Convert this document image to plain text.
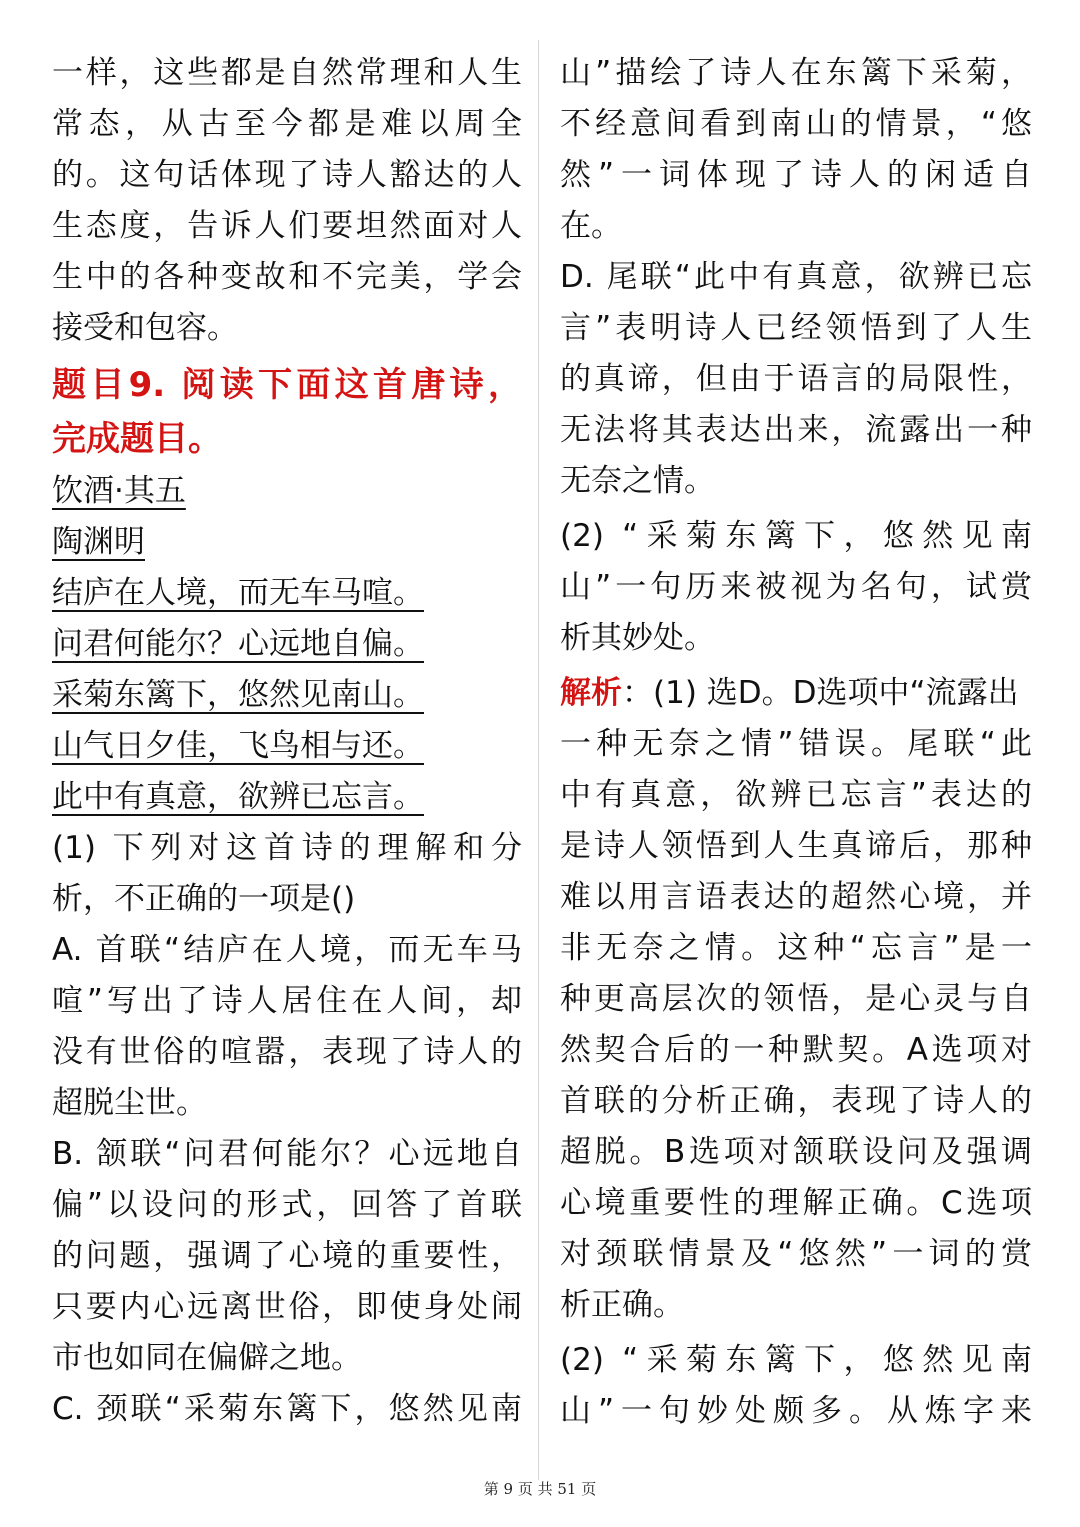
一样，这些都是自然常理和人生
常态，从古至今都是难以周全
的。这句话体现了诗人豁达的人
生态度，告诉人们要坦然面对人
生中的各种变故和不完美，学会
接受和包容。
题目9. 阅读下面这首唐诗，
完成题目。
饮酒·其五
陶渊明
结庐在人境，而无车马喧。
问君何能尔？心远地自偏。
采菊东篱下，悠然见南山。
山气日夕佳，飞鸟相与还。
此中有真意，欲辨已忘言。
(1) 下列对这首诗的理解和分
析，不正确的一项是()
A. 首联“结庐在人境，而无车马
喧”写出了诗人居住在人间，却
没有世俗的喧嚣，表现了诗人的
超脱尘世。
B. 颔联“问君何能尔？心远地自
偏”以设问的形式，回答了首联
的问题，强调了心境的重要性，
只要内心远离世俗，即使身处闹
市也如同在偏僻之地。
C. 颈联“采菊东篱下，悠然见南
山”描绘了诗人在东篱下采菊，
不经意间看到南山的情景，“悠
然”一词体现了诗人的闲适自
在。
D. 尾联“此中有真意，欲辨已忘
言”表明诗人已经领悟到了人生
的真谛，但由于语言的局限性，
无法将其表达出来，流露出一种
无奈之情。
(2) “采菊东篱下，悠然见南
山”一句历来被视为名句，试赏
析其妙处。
解析：(1) 选D。D选项中“流露出
一种无奈之情”错误。尾联“此
中有真意，欲辨已忘言”表达的
是诗人领悟到人生真谛后，那种
难以用言语表达的超然心境，并
非无奈之情。这种“忘言”是一
种更高层次的领悟，是心灵与自
然契合后的一种默契。A选项对
首联的分析正确，表现了诗人的
超脱。B选项对颔联设问及强调
心境重要性的理解正确。C选项
对颈联情景及“悠然”一词的赏
析正确。
(2) “采菊东篱下，悠然见南
山”一句妙处颇多。从炼字来
第 9 页 共 51 页
